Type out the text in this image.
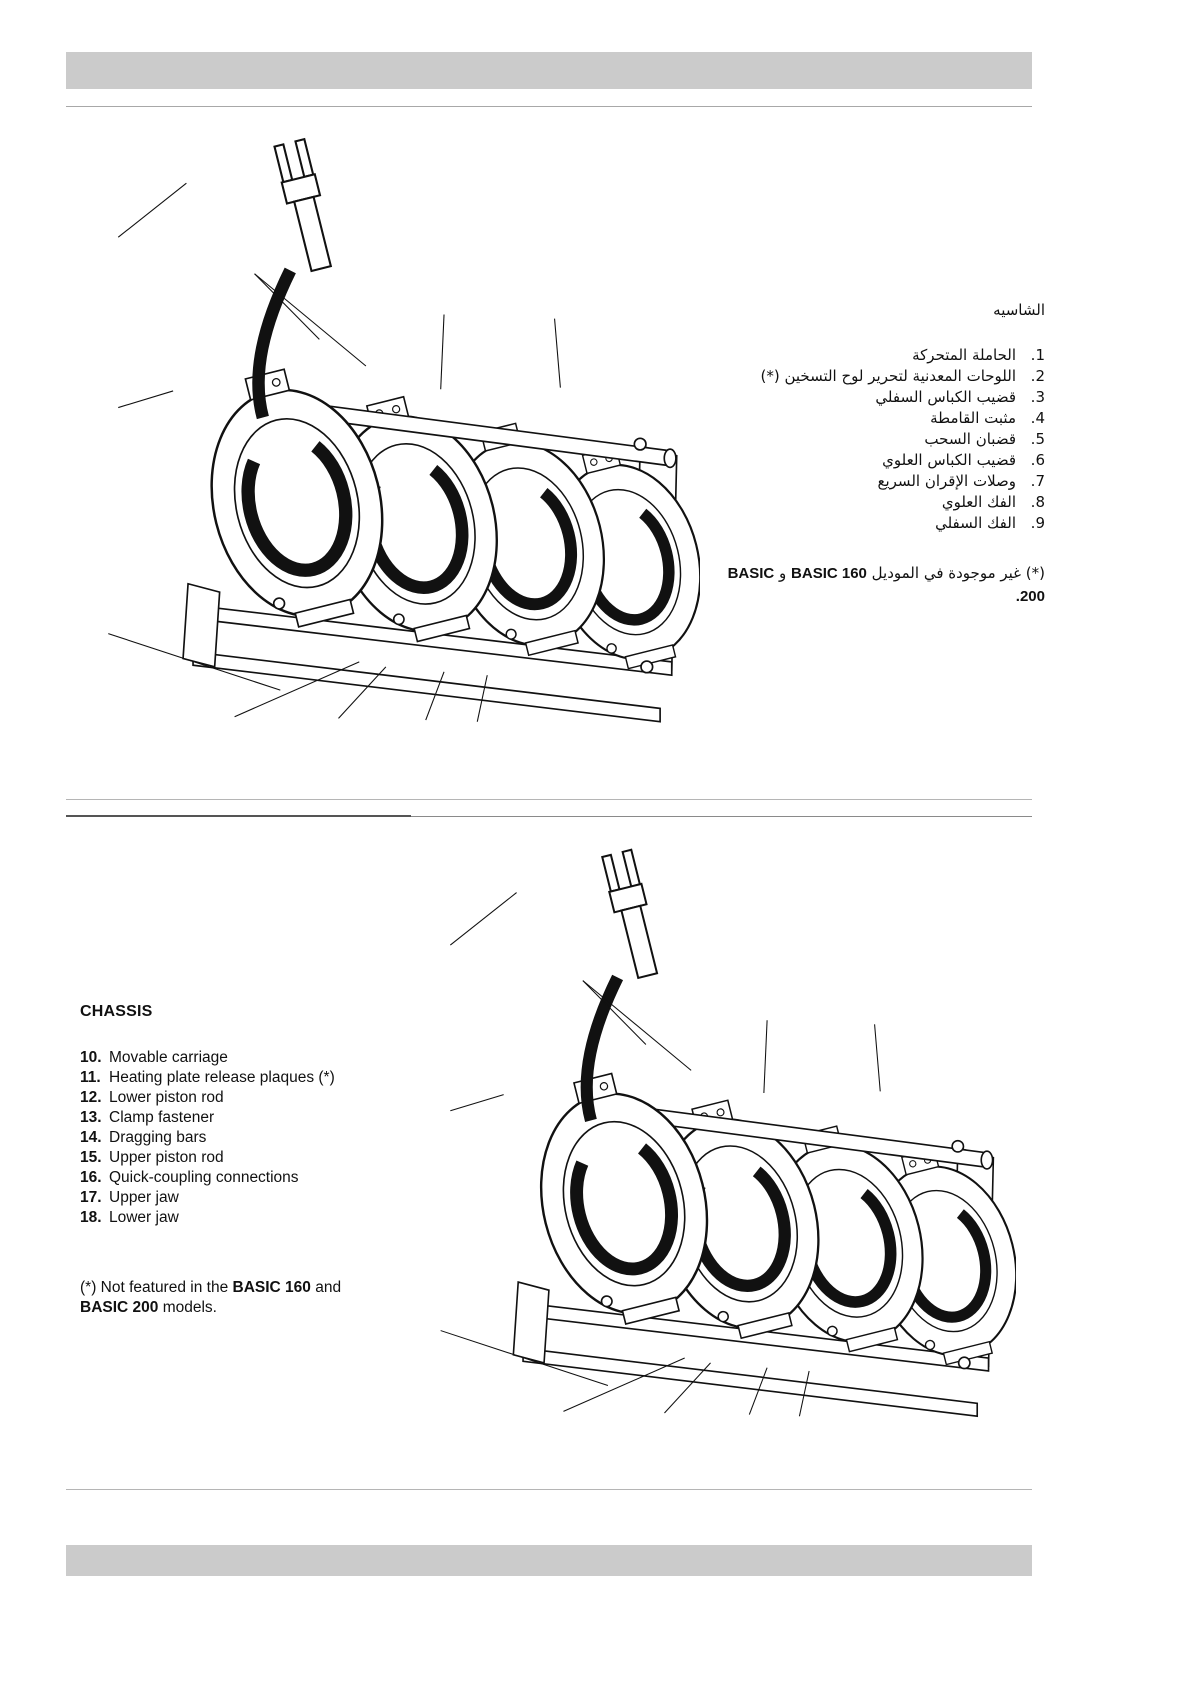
الشاسيه
1.
الحاملة المتحركة
2.
اللوحات المعدنية لتحرير لوح التسخين (*)
3.
قضيب الكباس السفلي
4.
مثبت القامطة
5.
قضبان السحب
6.
قضيب الكباس العلوي
7.
وصلات الإقران السريع
8.
الفك العلوي
9.
الفك السفلي
(*) غير موجودة في الموديل BASIC 160 و BASIC
.200
CHASSIS
10. Movable carriage
11. Heating plate release plaques (*)
12. Lower piston rod
13. Clamp fastener
14. Dragging bars
15. Upper piston rod
16. Quick-coupling connections
17. Upper jaw
18. Lower jaw
(*) Not featured in the BASIC 160 and BASIC 200 models.
